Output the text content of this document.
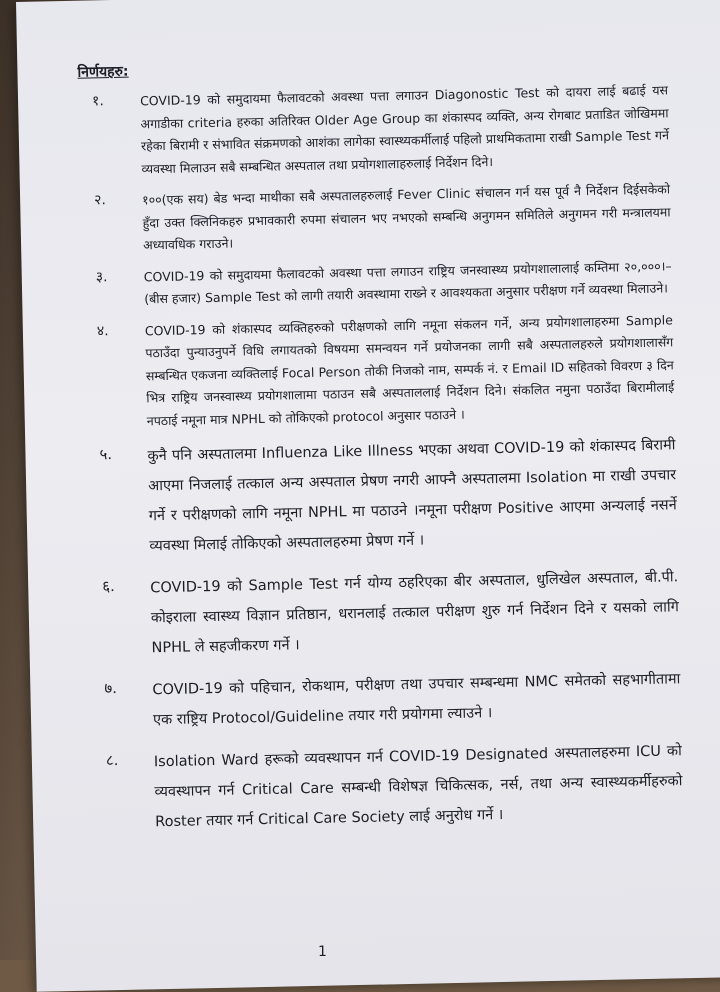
निर्णयहरु:
१.	COVID-19 को समुदायमा फैलावटको अवस्था पत्ता लगाउन Diagonostic Test को दायरा लाई बढाई यस अगाडीका criteria हरुका अतिरिक्त Older Age Group का शंकास्पद व्यक्ति, अन्य रोगबाट प्रताडित जोखिममा रहेका बिरामी र संभावित संक्रमणको आशंका लागेका स्वास्थ्यकर्मीलाई पहिलो प्राथमिकतामा राखी Sample Test गर्ने व्यवस्था मिलाउन सबै सम्बन्धित अस्पताल तथा प्रयोगशालाहरुलाई निर्देशन दिने।
२.	१००(एक सय) बेड भन्दा माथीका सबै अस्पतालहरुलाई Fever Clinic संचालन गर्न यस पूर्व नै निर्देशन दिईसकेको हुँदा उक्त क्लिनिकहरु प्रभावकारी रुपमा संचालन भए नभएको सम्बन्धि अनुगमन समितिले अनुगमन गरी मन्त्रालयमा अध्यावधिक गराउने।
३.	COVID-19 को समुदायमा फैलावटको अवस्था पत्ता लगाउन राष्ट्रिय जनस्वास्थ्य प्रयोगशालालाई कम्तिमा २०,०००।– (बीस हजार) Sample Test को लागी तयारी अवस्थामा राख्ने र आवश्यकता अनुसार परीक्षण गर्ने व्यवस्था मिलाउने।
४.	COVID-19 को शंकास्पद व्यक्तिहरुको परीक्षणको लागि नमूना संकलन गर्ने, अन्य प्रयोगशालाहरुमा Sample पठाउँदा पुन्याउनुपर्ने विधि लगायतको विषयमा समन्वयन गर्ने प्रयोजनका लागी सबै अस्पतालहरुले प्रयोगशालासँग सम्बन्धित एकजना व्यक्तिलाई Focal Person तोकी निजको नाम, सम्पर्क नं. र Email ID सहितको विवरण ३ दिन भित्र राष्ट्रिय जनस्वास्थ्य प्रयोगशालामा पठाउन सबै अस्पताललाई निर्देशन दिने। संकलित नमुना पठाउँदा बिरामीलाई नपठाई नमूना मात्र NPHL को तोकिएको protocol अनुसार पठाउने ।
५. कुनै पनि अस्पतालमा Influenza Like Illness भएका अथवा COVID-19 को शंकास्पद बिरामी आएमा निजलाई तत्काल अन्य अस्पताल प्रेषण नगरी आफ्नै अस्पतालमा Isolation मा राखी उपचार गर्ने र परीक्षणको लागि नमूना NPHL मा पठाउने ।नमूना परीक्षण Positive आएमा अन्यलाई नसर्ने व्यवस्था मिलाई तोकिएको अस्पतालहरुमा प्रेषण गर्ने ।
६. COVID-19 को Sample Test गर्न योग्य ठहरिएका बीर अस्पताल, धुलिखेल अस्पताल, बी.पी. कोइराला स्वास्थ्य विज्ञान प्रतिष्ठान, धरानलाई तत्काल परीक्षण शुरु गर्न निर्देशन दिने र यसको लागि NPHL ले सहजीकरण गर्ने ।
७. COVID-19 को पहिचान, रोकथाम, परीक्षण तथा उपचार सम्बन्धमा NMC समेतको सहभागीतामा एक राष्ट्रिय Protocol/Guideline तयार गरी प्रयोगमा ल्याउने ।
८. Isolation Ward हरूको व्यवस्थापन गर्न COVID-19 Designated अस्पतालहरुमा ICU को व्यवस्थापन गर्न Critical Care सम्बन्धी विशेषज्ञ चिकित्सक, नर्स, तथा अन्य स्वास्थ्यकर्मीहरुको Roster तयार गर्न Critical Care Society लाई अनुरोध गर्ने ।
1
